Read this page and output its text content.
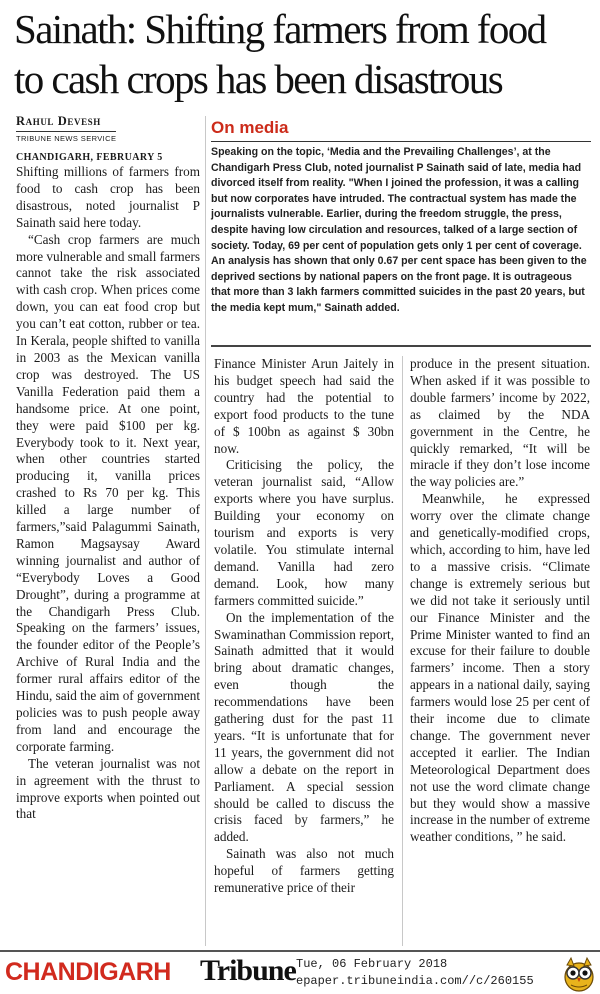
Sainath: Shifting farmers from food
to cash crops has been disastrous
Rahul Devesh
TRIBUNE NEWS SERVICE
CHANDIGARH, FEBRUARY 5

Shifting millions of farmers from food to cash crop has been disastrous, noted journalist P Sainath said here today.

“Cash crop farmers are much more vulnerable and small farmers cannot take the risk associated with cash crop. When prices come down, you can eat food crop but you can’t eat cotton, rubber or tea. In Kerala, people shifted to vanilla in 2003 as the Mexican vanilla crop was destroyed. The US Vanilla Federation paid them a handsome price. At one point, they were paid $100 per kg. Everybody took to it. Next year, when other countries started producing it, vanilla prices crashed to Rs 70 per kg. This killed a large number of farmers,”said Palagummi Sainath, Ramon Magsaysay Award winning journalist and author of “Everybody Loves a Good Drought”, during a programme at the Chandigarh Press Club. Speaking on the farmers’ issues, the founder editor of the People’s Archive of Rural India and the former rural affairs editor of the Hindu, said the aim of government policies was to push people away from land and encourage the corporate farming.

The veteran journalist was not in agreement with the thrust to improve exports when pointed out that

On media

Speaking on the topic, ‘Media and the Prevailing Challenges’, at the Chandigarh Press Club, noted journalist P Sainath said of late, media had divorced itself from reality. "When I joined the profession, it was a calling but now corporates have intruded. The contractual system has made the journalists vulnerable. Earlier, during the freedom struggle, the press, despite having low circulation and resources, talked of a large section of society. Today, 69 per cent of population gets only 1 per cent of coverage. An analysis has shown that only 0.67 per cent space has been given to the deprived sections by national papers on the front page. It is outrageous that more than 3 lakh farmers committed suicides in the past 20 years, but the media kept mum," Sainath added.

Finance Minister Arun Jaitely in his budget speech had said the country had the potential to export food products to the tune of $ 100bn as against $ 30bn now.

Criticising the policy, the veteran journalist said, “Allow exports where you have surplus. Building your economy on tourism and exports is very volatile. You stimulate internal demand. Vanilla had zero demand. Look, how many farmers committed suicide.”

On the implementation of the Swaminathan Commission report, Sainath admitted that it would bring about dramatic changes, even though the recommendations have been gathering dust for the past 11 years. “It is unfortunate that for 11 years, the government did not allow a debate on the report in Parliament. A special session should be called to discuss the crisis faced by farmers,” he added.

Sainath was also not much hopeful of farmers getting remunerative price of their

produce in the present situation. When asked if it was possible to double farmers’ income by 2022, as claimed by the NDA government in the Centre, he quickly remarked, “It will be miracle if they don’t lose income the way policies are.”

Meanwhile, he expressed worry over the climate change and genetically-modified crops, which, according to him, have led to a massive crisis. “Climate change is extremely serious but we did not take it seriously until our Finance Minister and the Prime Minister wanted to find an excuse for their failure to double farmers’ income. Then a story appears in a national daily, saying farmers would lose 25 per cent of their income due to climate change. The government never accepted it earlier. The Indian Meteorological Department does not use the word climate change but they would show a massive increase in the number of extreme weather conditions, ” he said.

CHANDIGARH Tribune Tue, 06 February 2018
epaper.tribuneindia.com//c/260155
